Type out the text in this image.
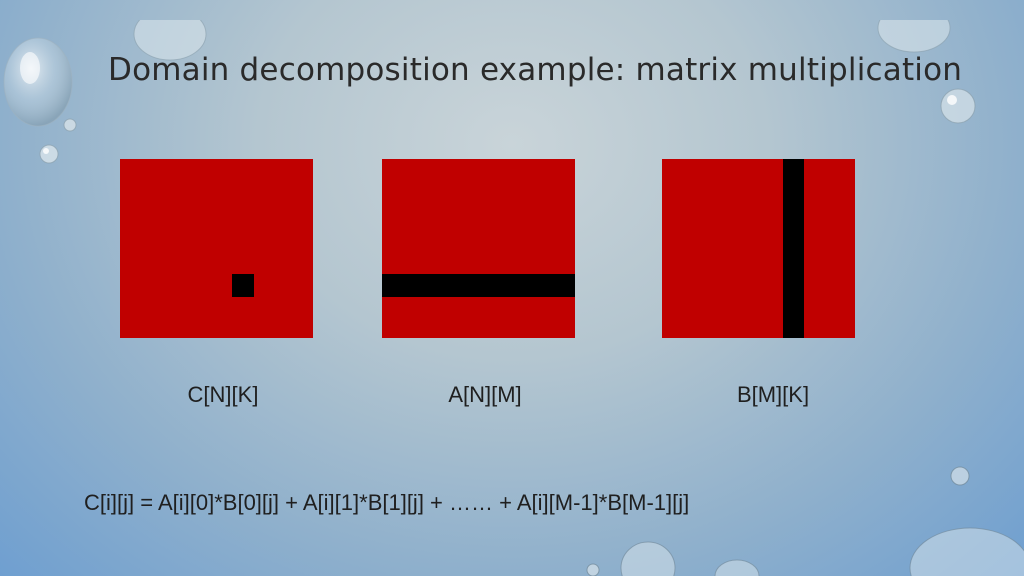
Domain decomposition example: matrix multiplication
C[N][K]	A[N][M]	B[M][K]
C[i][j] = A[i][0]*B[0][j] + A[i][1]*B[1][j] + …… + A[i][M-1]*B[M-1][j]
